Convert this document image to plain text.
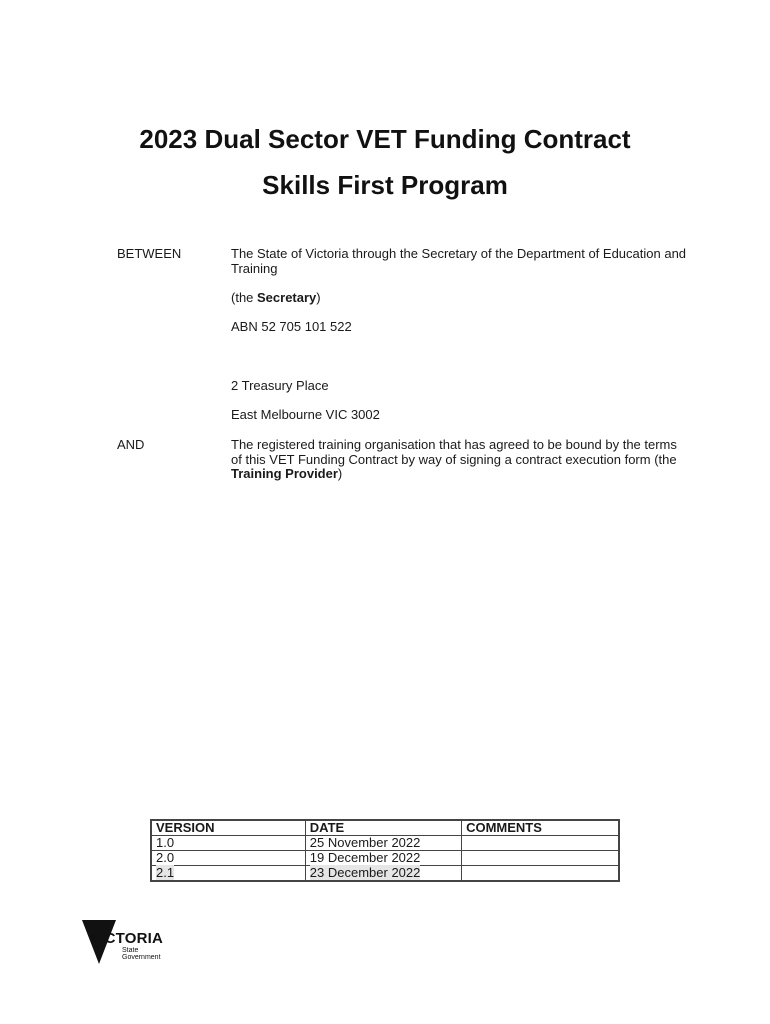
2023 Dual Sector VET Funding Contract
Skills First Program
BETWEEN	The State of Victoria through the Secretary of the Department of Education and Training

(the Secretary)

ABN 52 705 101 522

2 Treasury Place

East Melbourne VIC 3002

AND	The registered training organisation that has agreed to be bound by the terms of this VET Funding Contract by way of signing a contract execution form (the Training Provider)

VERSION	DATE	COMMENTS
1.0	25 November 2022	
2.0	19 December 2022	
2.1	23 December 2022	
VICTORIA
State
Government
